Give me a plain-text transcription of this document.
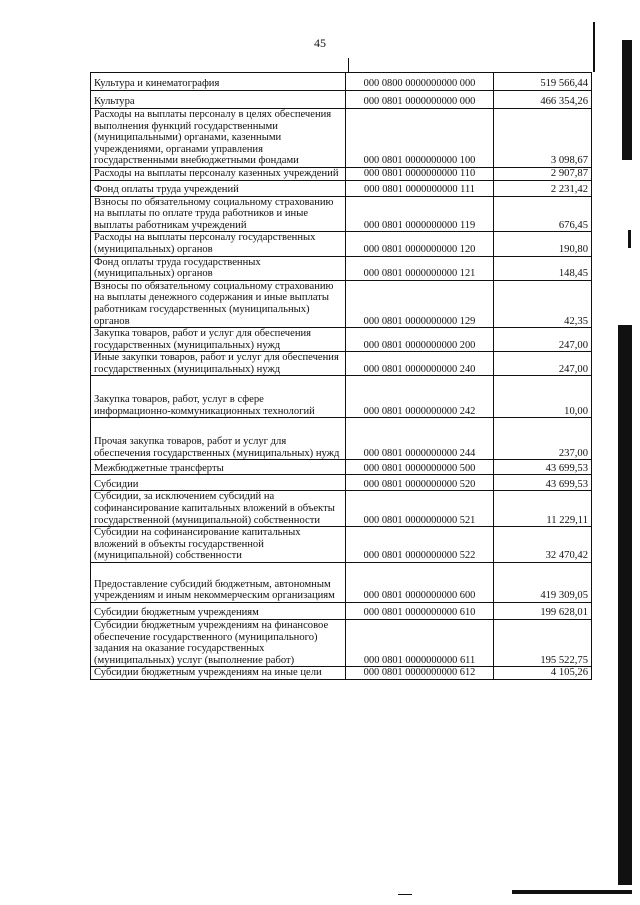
45
Культура и кинематография	000 0800 0000000000 000	519 566,44
Культура	000 0801 0000000000 000	466 354,26
Расходы на выплаты персоналу в целях обеспечения выполнения функций государственными (муниципальными) органами, казенными учреждениями, органами управления государственными внебюджетными фондами	000 0801 0000000000 100	3 098,67
Расходы на выплаты персоналу казенных учреждений	000 0801 0000000000 110	2 907,87
Фонд оплаты труда учреждений	000 0801 0000000000 111	2 231,42
Взносы по обязательному социальному страхованию на выплаты по оплате труда работников и иные выплаты работникам учреждений	000 0801 0000000000 119	676,45
Расходы на выплаты персоналу государственных (муниципальных) органов	000 0801 0000000000 120	190,80
Фонд оплаты труда государственных (муниципальных) органов	000 0801 0000000000 121	148,45
Взносы по обязательному социальному страхованию на выплаты денежного содержания и иные выплаты работникам государственных (муниципальных) органов	000 0801 0000000000 129	42,35
Закупка товаров, работ и услуг для обеспечения государственных (муниципальных) нужд	000 0801 0000000000 200	247,00
Иные закупки товаров, работ и услуг для обеспечения государственных (муниципальных) нужд	000 0801 0000000000 240	247,00
Закупка товаров, работ, услуг в сфере информационно-коммуникационных технологий	000 0801 0000000000 242	10,00
Прочая закупка товаров, работ и услуг для обеспечения государственных (муниципальных) нужд	000 0801 0000000000 244	237,00
Межбюджетные трансферты	000 0801 0000000000 500	43 699,53
Субсидии	000 0801 0000000000 520	43 699,53
Субсидии, за исключением субсидий на софинансирование капитальных вложений в объекты государственной (муниципальной) собственности	000 0801 0000000000 521	11 229,11
Субсидии на софинансирование капитальных вложений в объекты государственной (муниципальной) собственности	000 0801 0000000000 522	32 470,42
Предоставление субсидий бюджетным, автономным учреждениям и иным некоммерческим организациям	000 0801 0000000000 600	419 309,05
Субсидии бюджетным учреждениям	000 0801 0000000000 610	199 628,01
Субсидии бюджетным учреждениям на финансовое обеспечение государственного (муниципального) задания на оказание государственных (муниципальных) услуг (выполнение работ)	000 0801 0000000000 611	195 522,75
Субсидии бюджетным учреждениям на иные цели	000 0801 0000000000 612	4 105,26
